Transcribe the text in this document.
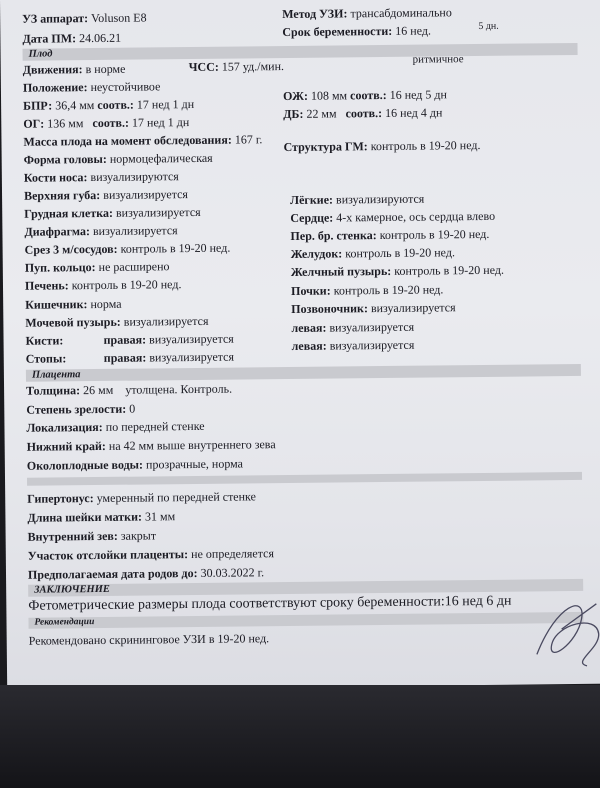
УЗ аппарат: Voluson E8	Метод УЗИ: трансабдоминально
Дата ПМ: 24.06.21	Срок беременности: 16 нед.	5 дн.
Плод
Движения: в норме	ЧСС: 157 уд./мин.	ритмичное
Положение: неустойчивое
БПР: 36,4 мм соотв.: 17 нед 1 дн
ОЖ: 108 мм соотв.: 16 нед 5 дн
ОГ: 136 мм соотв.: 17 нед 1 дн
ДБ: 22 мм соотв.: 16 нед 4 дн
Масса плода на момент обследования: 167 г.
Форма головы: нормоцефалическая
Структура ГМ: контроль в 19-20 нед.
Кости носа: визуализируются
Верхняя губа: визуализируется	Лёгкие: визуализируются
Грудная клетка: визуализируется	Сердце: 4-х камерное, ось сердца влево
Диафрагма: визуализируется	Пер. бр. стенка: контроль в 19-20 нед.
Срез 3 м/сосудов: контроль в 19-20 нед.	Желудок: контроль в 19-20 нед.
Пуп. кольцо: не расширено	Желчный пузырь: контроль в 19-20 нед.
Печень: контроль в 19-20 нед.	Почки: контроль в 19-20 нед.
Кишечник: норма	Позвоночник: визуализируется
Мочевой пузырь: визуализируется	левая: визуализируется
Кисти:	правая: визуализируется	левая: визуализируется
Стопы:	правая: визуализируется
Плацента
Толщина: 26 мм утолщена. Контроль.
Степень зрелости: 0
Локализация: по передней стенке
Нижний край: на 42 мм выше внутреннего зева
Околоплодные воды: прозрачные, норма
Гипертонус: умеренный по передней стенке
Длина шейки матки: 31 мм
Внутренний зев: закрыт
Участок отслойки плаценты: не определяется
Предполагаемая дата родов до: 30.03.2022 г.
ЗАКЛЮЧЕНИЕ
Фетометрические размеры плода соответствуют сроку беременности:16 нед 6 дн
Рекомендации
Рекомендовано скрининговое УЗИ в 19-20 нед.
